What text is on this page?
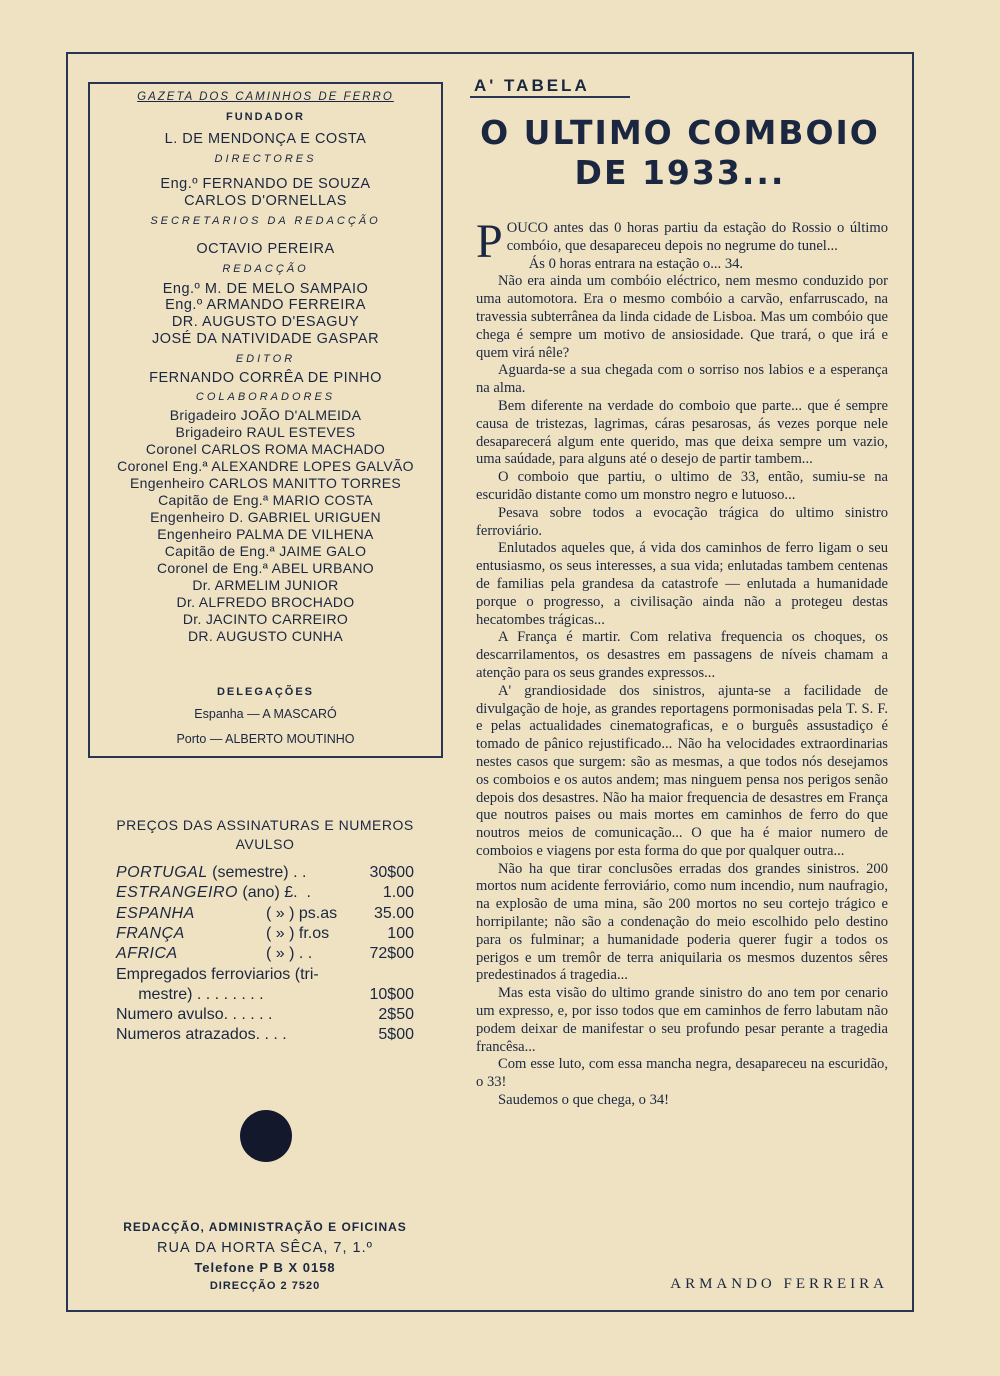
GAZETA DOS CAMINHOS DE FERRO
FUNDADOR
L. DE MENDONÇA E COSTA
DIRECTORES
Eng.º FERNANDO DE SOUZA
CARLOS D'ORNELLAS
SECRETARIOS DA REDACÇÃO
OCTAVIO PEREIRA
REDACÇÃO
Eng.º M. DE MELO SAMPAIO
Eng.º ARMANDO FERREIRA
DR. AUGUSTO D'ESAGUY
JOSÉ DA NATIVIDADE GASPAR
EDITOR
FERNANDO CORRÊA DE PINHO
COLABORADORES
Brigadeiro JOÃO D'ALMEIDA
Brigadeiro RAUL ESTEVES
Coronel CARLOS ROMA MACHADO
Coronel Eng.ª ALEXANDRE LOPES GALVÃO
Engenheiro CARLOS MANITTO TORRES
Capitão de Eng.ª MARIO COSTA
Engenheiro D. GABRIEL URIGUEN
Engenheiro PALMA DE VILHENA
Capitão de Eng.ª JAIME GALO
Coronel de Eng.ª ABEL URBANO
Dr. ARMELIM JUNIOR
Dr. ALFREDO BROCHADO
Dr. JACINTO CARREIRO
DR. AUGUSTO CUNHA
DELEGAÇÕES
Espanha — A MASCARÓ
Porto — ALBERTO MOUTINHO

PREÇOS DAS ASSINATURAS E NUMEROS

AVULSO

PORTUGAL (semestre) . .	30$00
ESTRANGEIRO (ano) £.  .	1.00
ESPANHA	( » ) ps.as 35.00
FRANÇA	( » ) fr.os	100
AFRICA	( » ) . .	72$00
Empregados ferroviarios (tri-
mestre) . . . . . . . .	10$00
Numero avulso. . . . . .	2$50
Numeros atrazados. . . .	5$00
REDACÇÃO, ADMINISTRAÇÃO E OFICINAS
RUA DA HORTA SÊCA, 7, 1.º
Telefone P B X 0158
DIRECÇÃO 2 7520

A' TABELA

O ULTIMO COMBOIO
DE 1933...

POUCO antes das 0 horas partiu da estação do Rossio o último combóio, que desapareceu depois no negrume do tunel...

Ás 0 horas entrara na estação o... 34.

Não era ainda um combóio eléctrico, nem mesmo conduzido por uma automotora. Era o mesmo combóio a carvão, enfarruscado, na travessia subterrânea da linda cidade de Lisboa. Mas um combóio que chega é sempre um motivo de ansiosidade. Que trará, o que irá e quem virá nêle?

Aguarda-se a sua chegada com o sorriso nos labios e a esperança na alma.

Bem diferente na verdade do comboio que parte... que é sempre causa de tristezas, lagrimas, cáras pesarosas, ás vezes porque nele desaparecerá algum ente querido, mas que deixa sempre um vazio, uma saúdade, para alguns até o desejo de partir tambem...

O comboio que partiu, o ultimo de 33, então, sumiu-se na escuridão distante como um monstro negro e lutuoso...

Pesava sobre todos a evocação trágica do ultimo sinistro ferroviário.

Enlutados aqueles que, á vida dos caminhos de ferro ligam o seu entusiasmo, os seus interesses, a sua vida; enlutadas tambem centenas de familias pela grandesa da catastrofe — enlutada a humanidade porque o progresso, a civilisação ainda não a protegeu destas hecatombes trágicas...

A França é martir. Com relativa frequencia os choques, os descarrilamentos, os desastres em passagens de níveis chamam a atenção para os seus grandes expressos...

A' grandiosidade dos sinistros, ajunta-se a facilidade de divulgação de hoje, as grandes reportagens pormonisadas pela T. S. F. e pelas actualidades cinematograficas, e o burguês assustadiço é tomado de pânico rejustificado... Não ha velocidades extraordinarias nestes casos que surgem: são as mesmas, a que todos nós desejamos os comboios e os autos andem; mas ninguem pensa nos perigos senão depois dos desastres. Não ha maior frequencia de desastres em França que noutros paises ou mais mortes em caminhos de ferro do que noutros meios de comunicação... O que ha é maior numero de comboios e viagens por esta forma do que por qualquer outra...

Não ha que tirar conclusões erradas dos grandes sinistros. 200 mortos num acidente ferroviário, como num incendio, num naufragio, na explosão de uma mina, são 200 mortos no seu cortejo trágico e horripilante; não são a condenação do meio escolhido pelo destino para os fulminar; a humanidade poderia querer fugir a todos os perigos e um tremôr de terra aniquilaria os mesmos duzentos sêres predestinados á tragedia...

Mas esta visão do ultimo grande sinistro do ano tem por cenario um expresso, e, por isso todos que em caminhos de ferro labutam não podem deixar de manifestar o seu profundo pesar perante a tragedia francêsa...

Com esse luto, com essa mancha negra, desapareceu na escuridão, o 33!

Saudemos o que chega, o 34!

ARMANDO FERREIRA
